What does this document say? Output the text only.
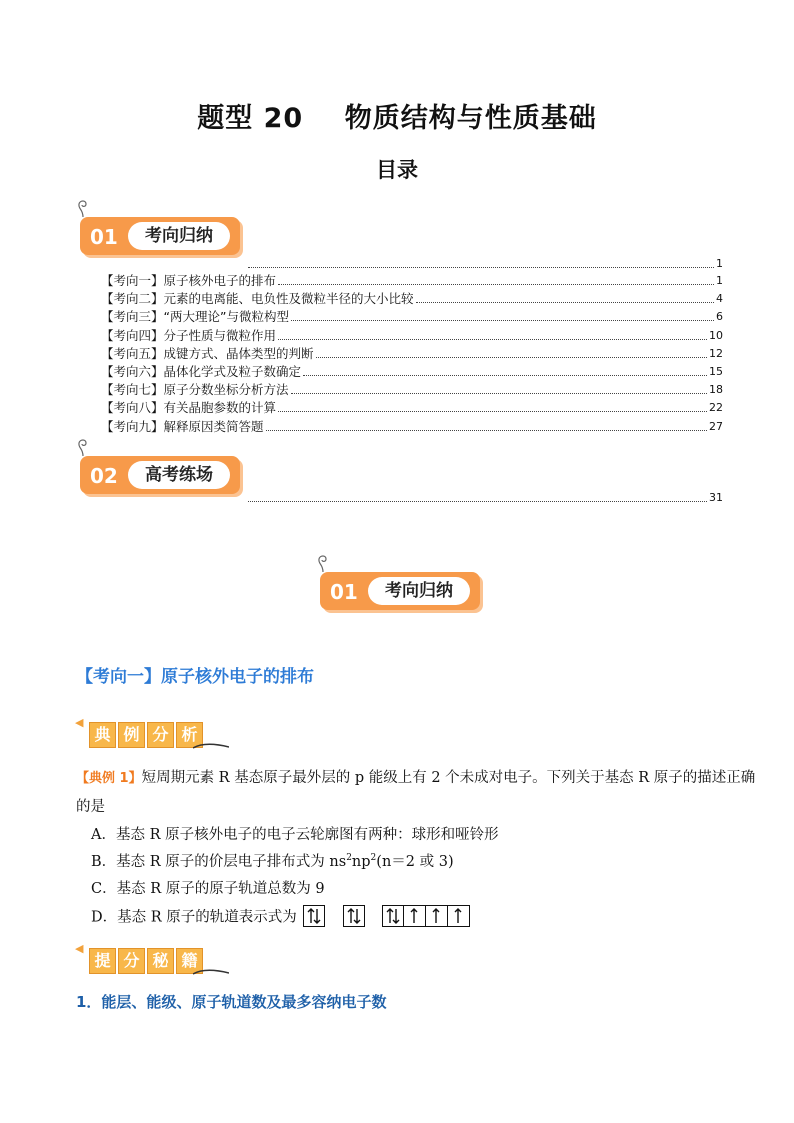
题型 20    物质结构与性质基础
目录
01	考向归纳
1
【考向一】原子核外电子的排布	1
【考向二】元素的电离能、电负性及微粒半径的大小比较	4
【考向三】“两大理论”与微粒构型	6
【考向四】分子性质与微粒作用	10
【考向五】成键方式、晶体类型的判断	12
【考向六】晶体化学式及粒子数确定	15
【考向七】原子分数坐标分析方法	18
【考向八】有关晶胞参数的计算	22
【考向九】解释原因类简答题	27
02	高考练场
31
01	考向归纳
【考向一】原子核外电子的排布
◀
典 例 分 析
【典例 1】短周期元素 R 基态原子最外层的 p 能级上有 2 个未成对电子。下列关于基态 R 原子的描述正确
的是
A．基态 R 原子核外电子的电子云轮廓图有两种：球形和哑铃形
B．基态 R 原子的价层电子排布式为 $ns^2np^2(n=2$ 或 3)
C．基态 R 原子的原子轨道总数为 9
D．基态 R 原子的轨道表示式为

◀
提 分 秘 籍
1．能层、能级、原子轨道数及最多容纳电子数
